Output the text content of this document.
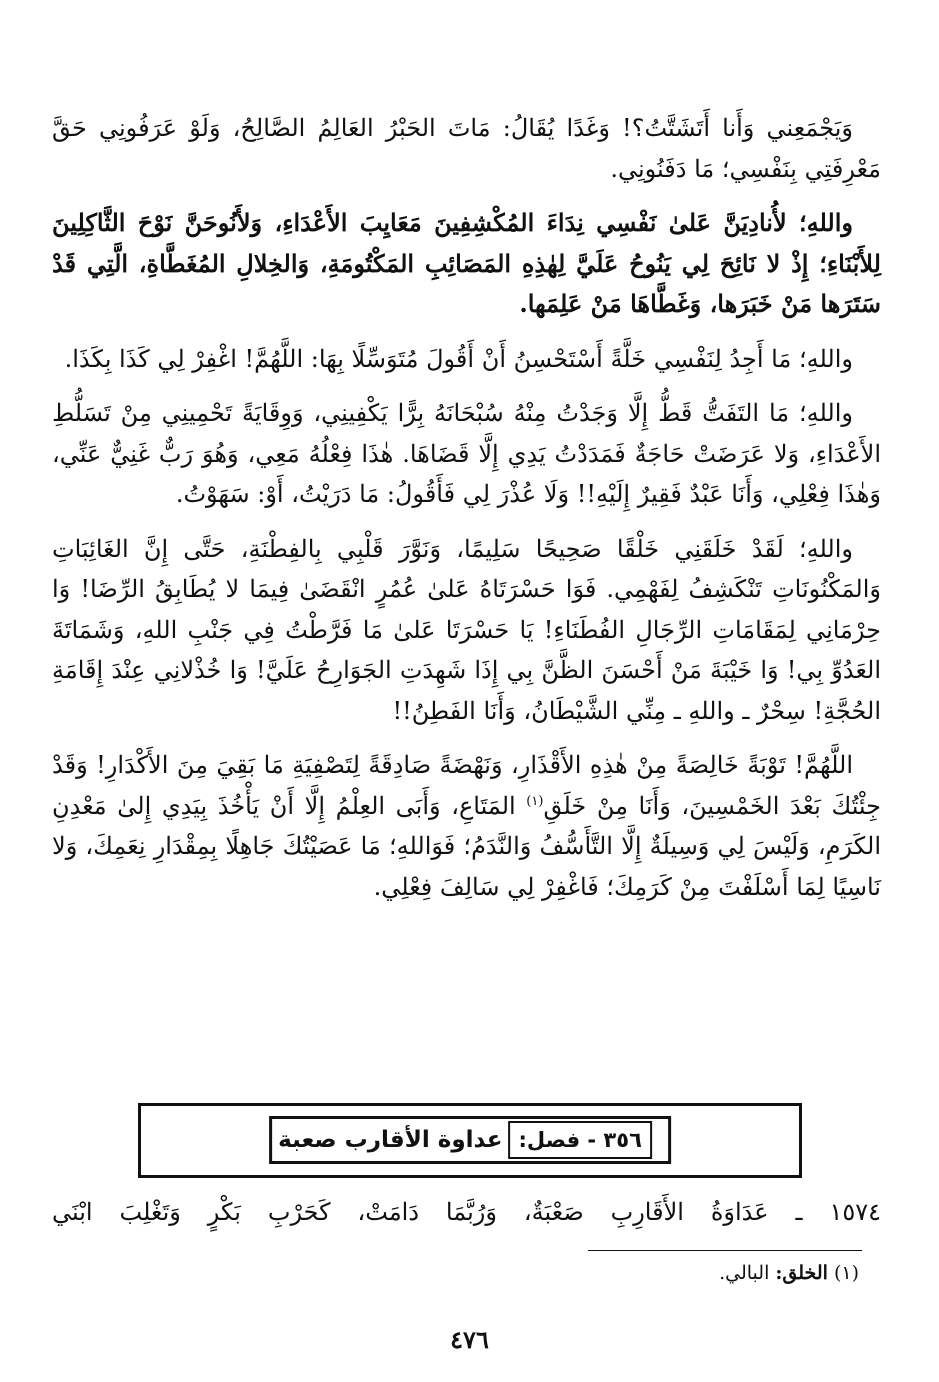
وَيَجْمَعِني وَأَنا أَتَشَتَّتُ؟! وَغَدًا يُقَالُ: مَاتَ الحَبْرُ العَالِمُ الصَّالِحُ، وَلَوْ عَرَفُونِي حَقَّ مَعْرِفَتِي بِنَفْسِي؛ مَا دَفَنُونِي.

واللهِ؛ لأُنادِيَنَّ عَلىٰ نَفْسِي نِدَاءَ المُكْشِفِينَ مَعَايِبَ الأَعْدَاءِ، وَلأَنُوحَنَّ نَوْحَ الثَّاكِلِينَ لِلأَبْنَاءِ؛ إِذْ لا نَائِحَ لِي يَنُوحُ عَلَيَّ لِهٰذِهِ المَصَائِبِ المَكْتُومَةِ، وَالخِلالِ المُغَطَّاةِ، الَّتِي قَدْ سَتَرَها مَنْ خَبَرَها، وَغَطَّاهَا مَنْ عَلِمَها.

واللهِ؛ مَا أَجِدُ لِنَفْسِي خَلَّةً أَسْتَحْسِنُ أَنْ أَقُولَ مُتَوَسِّلًا بِهَا: اللَّهُمَّ! اغْفِرْ لِي كَذَا بِكَذَا.

واللهِ؛ مَا التَفَتُّ قَطُّ إِلَّا وَجَدْتُ مِنْهُ سُبْحَانَهُ بِرًّا يَكْفِينِي، وَوِقَايَةً تَحْمِينِي مِنْ تَسَلُّطِ الأَعْدَاءِ، وَلا عَرَضَتْ حَاجَةٌ فَمَدَدْتُ يَدِي إِلَّا قَضَاهَا. هٰذَا فِعْلُهُ مَعِي، وَهُوَ رَبٌّ غَنِيٌّ عَنِّي، وَهٰذَا فِعْلِي، وَأَنَا عَبْدٌ فَقِيرٌ إِلَيْهِ!! وَلَا عُذْرَ لِي فَأَقُولُ: مَا دَرَيْتُ، أَوْ: سَهَوْتُ.

واللهِ؛ لَقَدْ خَلَقَنِي خَلْقًا صَحِيحًا سَلِيمًا، وَنَوَّرَ قَلْبِي بِالفِطْنَةِ، حَتَّى إِنَّ الغَائِبَاتِ وَالمَكْنُونَاتِ تَنْكَشِفُ لِفَهْمِي. فَوَا حَسْرَتَاهُ عَلىٰ عُمُرٍ انْقَضَىٰ فِيمَا لا يُطَابِقُ الرِّضَا! وَا حِرْمَانِي لِمَقَامَاتِ الرِّجَالِ الفُطَنَاءِ! يَا حَسْرَتَا عَلىٰ مَا فَرَّطْتُ فِي جَنْبِ اللهِ، وَشَمَاتَةَ العَدُوِّ بِي! وَا خَيْبَةَ مَنْ أَحْسَنَ الظَّنَّ بِي إِذَا شَهِدَتِ الجَوَارِحُ عَلَيَّ! وَا خُذْلانِي عِنْدَ إِقَامَةِ الحُجَّةِ! سِحْرٌ ـ واللهِ ـ مِنِّي الشَّيْطَانُ، وَأَنَا الفَطِنُ!!

اللَّهُمَّ! تَوْبَةً خَالِصَةً مِنْ هٰذِهِ الأَقْذَارِ، وَنَهْضَةً صَادِقَةً لِتَصْفِيَةِ مَا بَقِيَ مِنَ الأَكْدَارِ! وَقَدْ جِئْتُكَ بَعْدَ الخَمْسِينَ، وَأَنَا مِنْ خَلَقِ$^{(١)}$ المَتَاعِ، وَأَبَى العِلْمُ إِلَّا أَنْ يَأْخُذَ بِيَدِي إِلىٰ مَعْدِنِ الكَرَمِ، وَلَيْسَ لِي وَسِيلَةٌ إِلَّا التَّأَسُّفُ وَالنَّدَمُ؛ فَوَاللهِ؛ مَا عَصَيْتُكَ جَاهِلًا بِمِقْدَارِ نِعَمِكَ، وَلا نَاسِيًا لِمَا أَسْلَفْتَ مِنْ كَرَمِكَ؛ فَاغْفِرْ لِي سَالِفَ فِعْلِي.

٣٥٦ - فصل:
عداوة الأقارب صعبة
١٥٧٤ ـ عَدَاوَةُ الأَقَارِبِ صَعْبَةٌ، وَرُبَّمَا دَامَتْ، كَحَرْبِ بَكْرٍ وَتَغْلِبَ ابْنَي
(١) الخلق: البالي.
٤٧٦
